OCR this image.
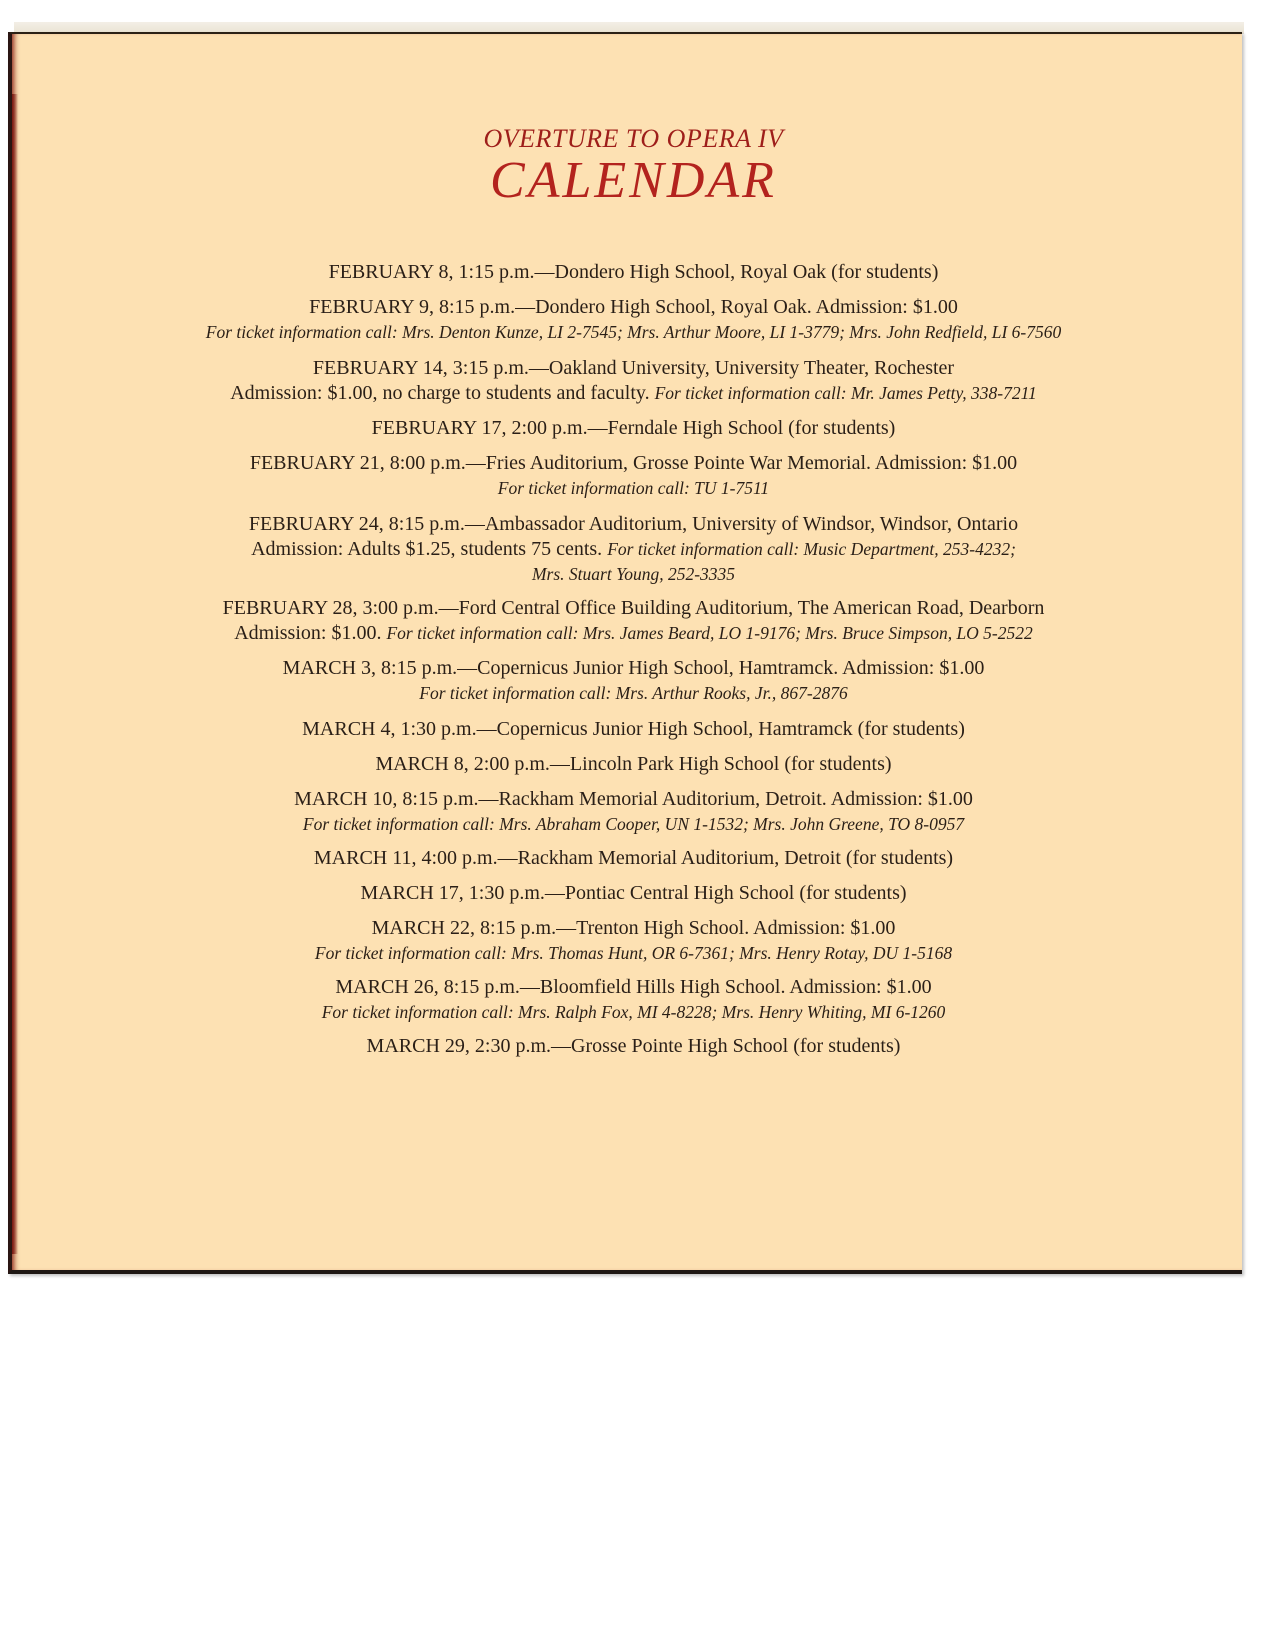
OVERTURE TO OPERA IV
CALENDAR
FEBRUARY 8, 1:15 p.m.—Dondero High School, Royal Oak (for students)
FEBRUARY 9, 8:15 p.m.—Dondero High School, Royal Oak. Admission: $1.00
For ticket information call: Mrs. Denton Kunze, LI 2-7545; Mrs. Arthur Moore, LI 1-3779; Mrs. John Redfield, LI 6-7560
FEBRUARY 14, 3:15 p.m.—Oakland University, University Theater, Rochester
Admission: $1.00, no charge to students and faculty. For ticket information call: Mr. James Petty, 338-7211
FEBRUARY 17, 2:00 p.m.—Ferndale High School (for students)
FEBRUARY 21, 8:00 p.m.—Fries Auditorium, Grosse Pointe War Memorial. Admission: $1.00
For ticket information call: TU 1-7511
FEBRUARY 24, 8:15 p.m.—Ambassador Auditorium, University of Windsor, Windsor, Ontario
Admission: Adults $1.25, students 75 cents. For ticket information call: Music Department, 253-4232;
Mrs. Stuart Young, 252-3335
FEBRUARY 28, 3:00 p.m.—Ford Central Office Building Auditorium, The American Road, Dearborn
Admission: $1.00. For ticket information call: Mrs. James Beard, LO 1-9176; Mrs. Bruce Simpson, LO 5-2522
MARCH 3, 8:15 p.m.—Copernicus Junior High School, Hamtramck. Admission: $1.00
For ticket information call: Mrs. Arthur Rooks, Jr., 867-2876
MARCH 4, 1:30 p.m.—Copernicus Junior High School, Hamtramck (for students)
MARCH 8, 2:00 p.m.—Lincoln Park High School (for students)
MARCH 10, 8:15 p.m.—Rackham Memorial Auditorium, Detroit. Admission: $1.00
For ticket information call: Mrs. Abraham Cooper, UN 1-1532; Mrs. John Greene, TO 8-0957
MARCH 11, 4:00 p.m.—Rackham Memorial Auditorium, Detroit (for students)
MARCH 17, 1:30 p.m.—Pontiac Central High School (for students)
MARCH 22, 8:15 p.m.—Trenton High School. Admission: $1.00
For ticket information call: Mrs. Thomas Hunt, OR 6-7361; Mrs. Henry Rotay, DU 1-5168
MARCH 26, 8:15 p.m.—Bloomfield Hills High School. Admission: $1.00
For ticket information call: Mrs. Ralph Fox, MI 4-8228; Mrs. Henry Whiting, MI 6-1260
MARCH 29, 2:30 p.m.—Grosse Pointe High School (for students)
